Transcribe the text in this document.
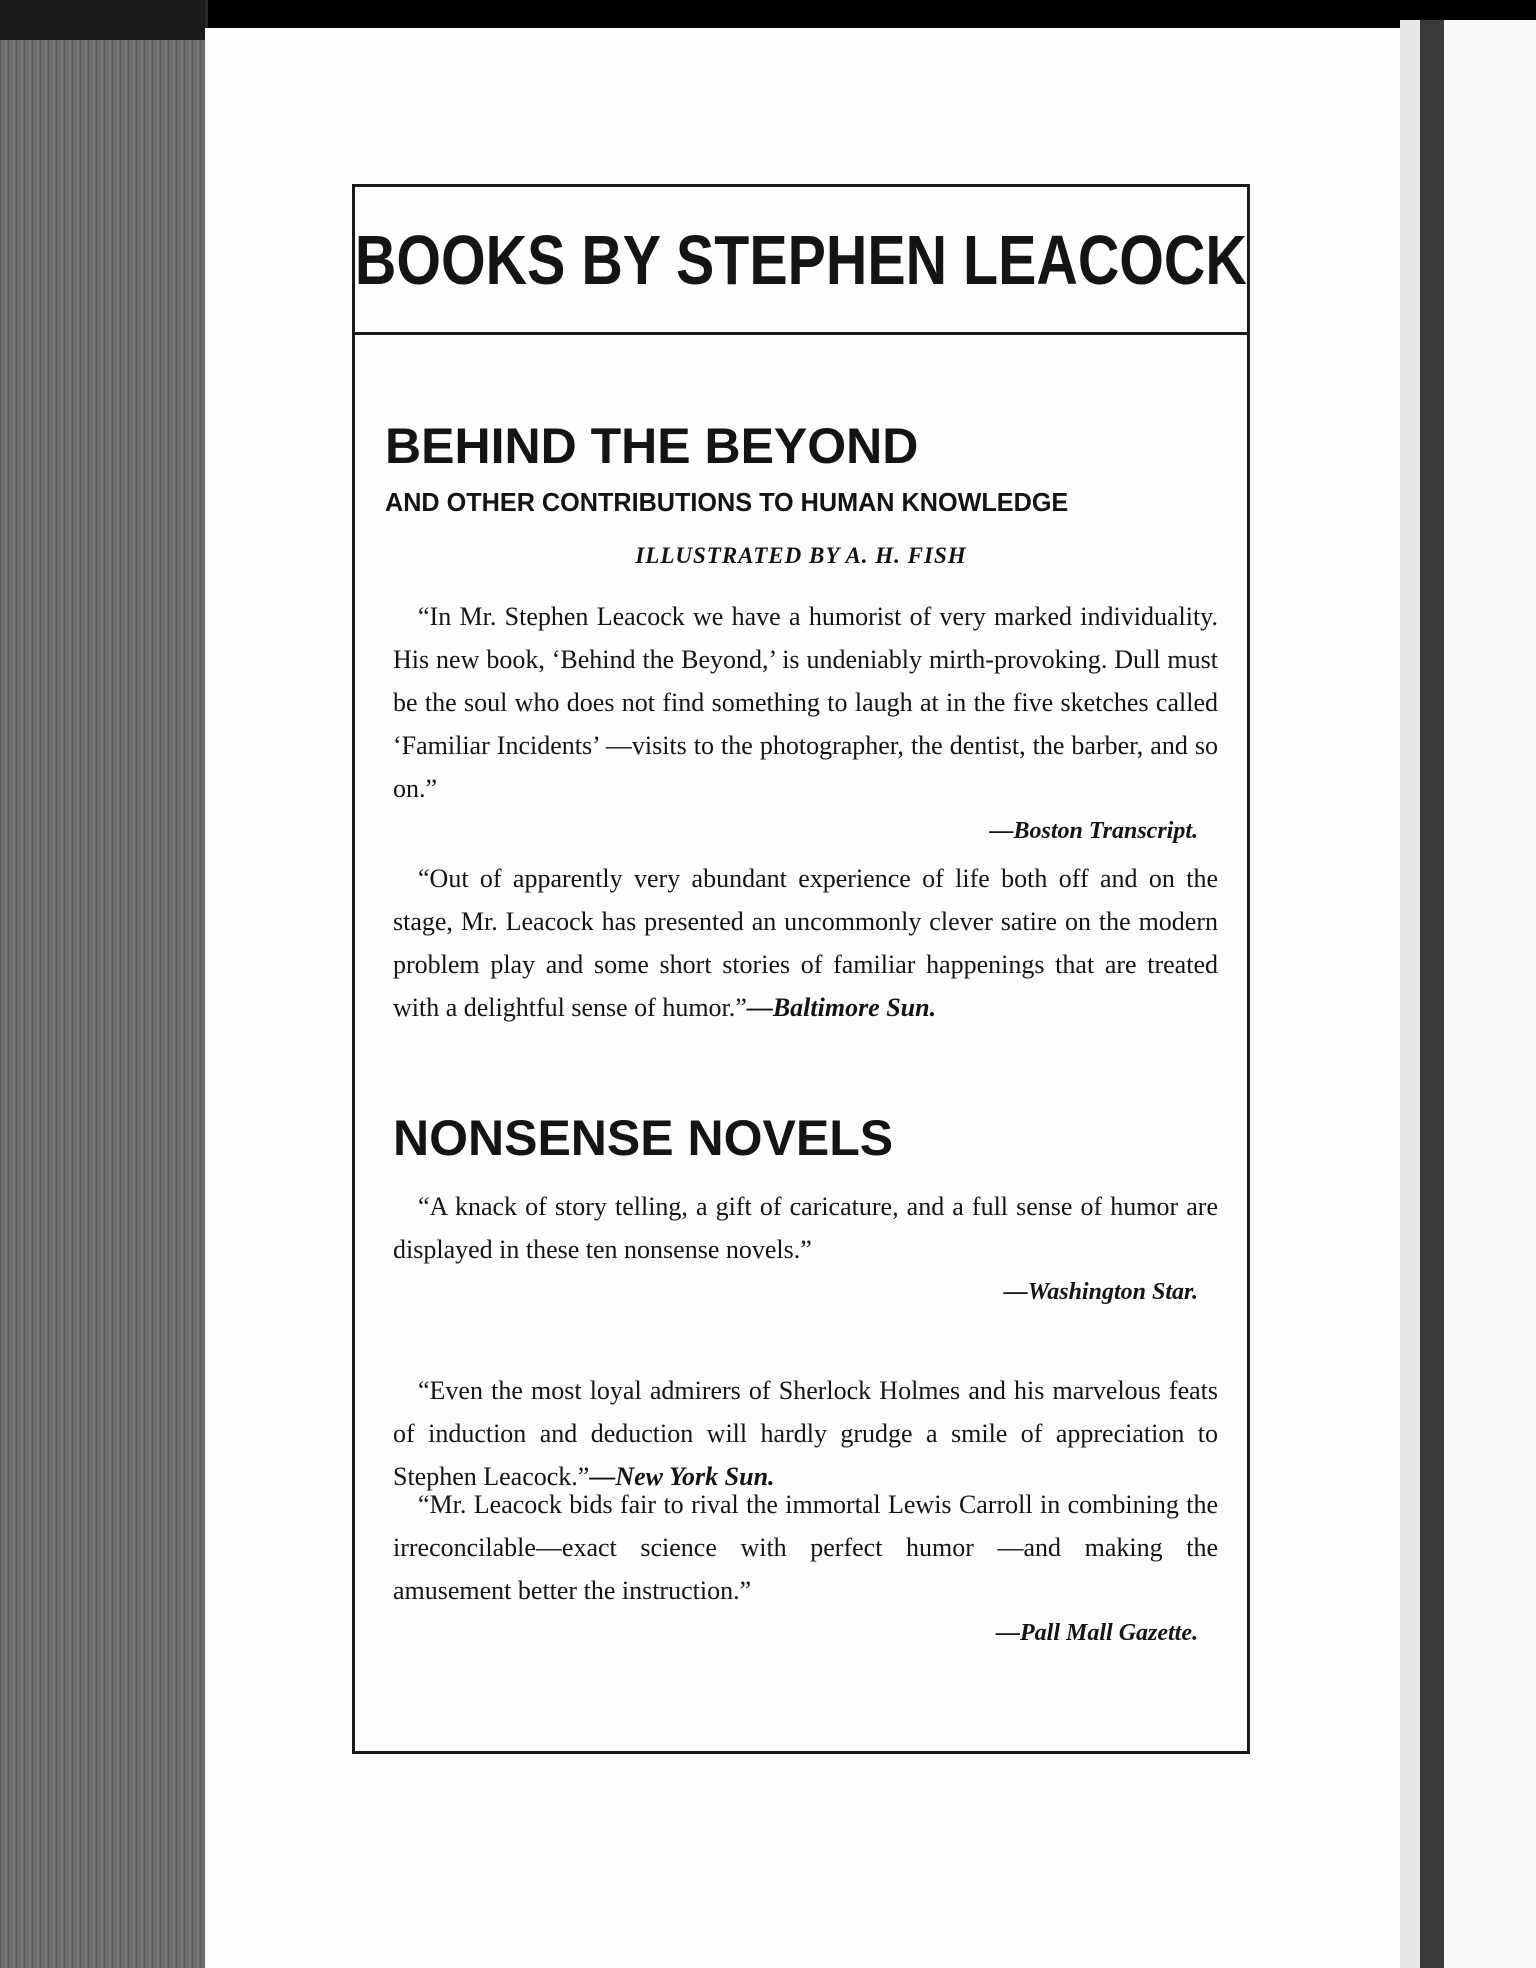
BOOKS BY STEPHEN LEACOCK
BEHIND THE BEYOND
AND OTHER CONTRIBUTIONS TO HUMAN KNOWLEDGE
ILLUSTRATED BY A. H. FISH

“In Mr. Stephen Leacock we have a humorist of very marked individuality. His new book, ‘Behind the Beyond,’ is undeniably mirth-provoking. Dull must be the soul who does not find something to laugh at in the five sketches called ‘Familiar Incidents’ —visits to the photographer, the dentist, the barber, and so on.”

—Boston Transcript.

“Out of apparently very abundant experience of life both off and on the stage, Mr. Leacock has presented an uncommonly clever satire on the modern problem play and some short stories of familiar happenings that are treated with a delightful sense of humor.”—Baltimore Sun.

NONSENSE NOVELS

“A knack of story telling, a gift of caricature, and a full sense of humor are displayed in these ten nonsense novels.”

—Washington Star.

“Even the most loyal admirers of Sherlock Holmes and his marvelous feats of induction and deduction will hardly grudge a smile of appreciation to Stephen Leacock.”—New York Sun.

“Mr. Leacock bids fair to rival the immortal Lewis Carroll in combining the irreconcilable—exact science with perfect humor —and making the amusement better the instruction.”

—Pall Mall Gazette.
